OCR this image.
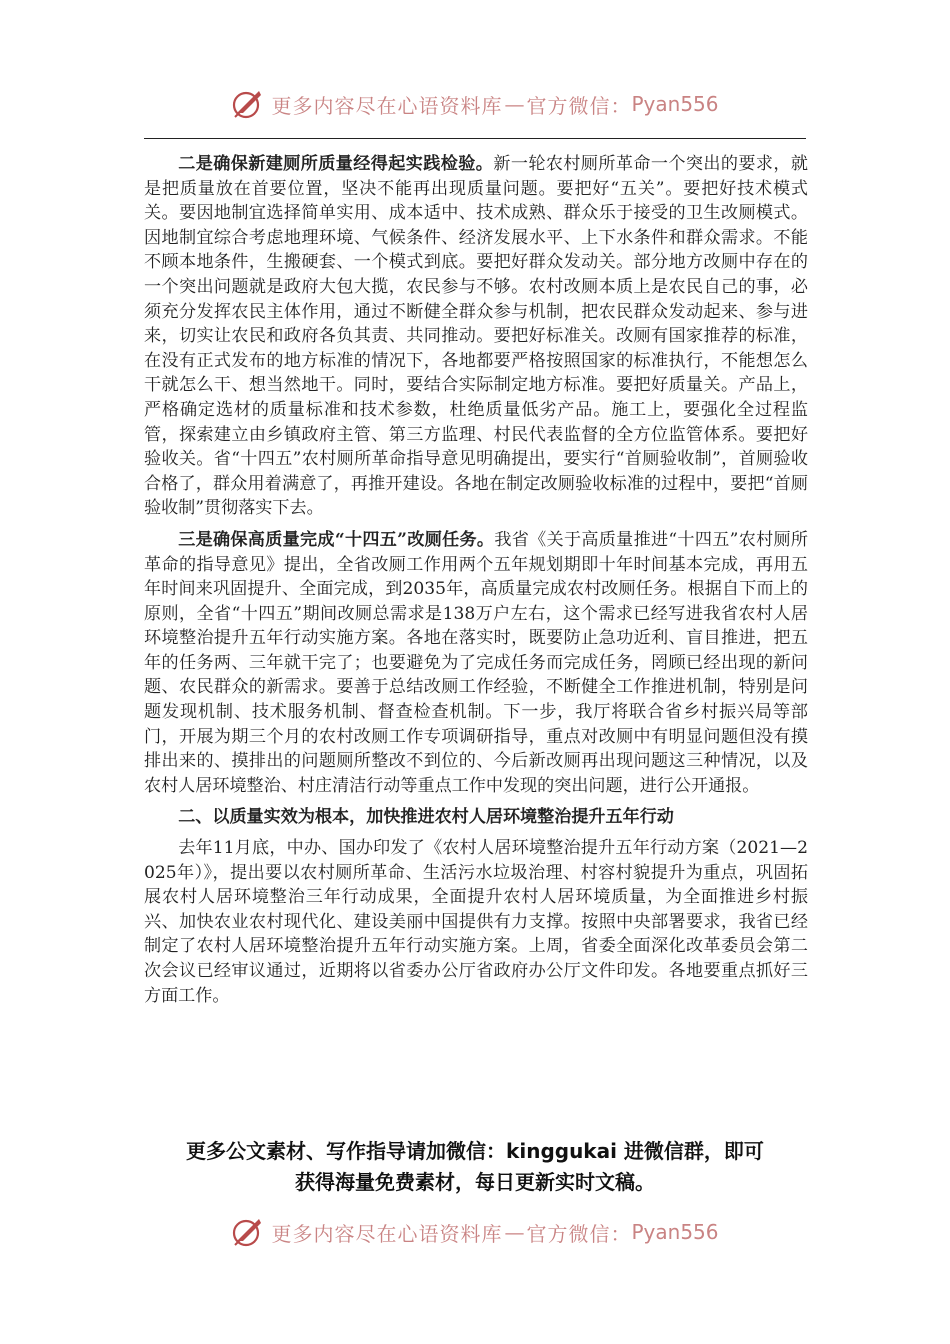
更多内容尽在心语资料库 — 官方微信： Pyan556

二是确保新建厕所质量经得起实践检验。新一轮农村厕所革命一个突出的要求，就是把质量放在首要位置，坚决不能再出现质量问题。要把好“五关”。要把好技术模式关。要因地制宜选择简单实用、成本适中、技术成熟、群众乐于接受的卫生改厕模式。因地制宜综合考虑地理环境、气候条件、经济发展水平、上下水条件和群众需求。不能不顾本地条件，生搬硬套、一个模式到底。要把好群众发动关。部分地方改厕中存在的一个突出问题就是政府大包大揽，农民参与不够。农村改厕本质上是农民自己的事，必须充分发挥农民主体作用，通过不断健全群众参与机制，把农民群众发动起来、参与进来，切实让农民和政府各负其责、共同推动。要把好标准关。改厕有国家推荐的标准，在没有正式发布的地方标准的情况下，各地都要严格按照国家的标准执行，不能想怎么干就怎么干、想当然地干。同时，要结合实际制定地方标准。要把好质量关。产品上，严格确定选材的质量标准和技术参数，杜绝质量低劣产品。施工上，要强化全过程监管，探索建立由乡镇政府主管、第三方监理、村民代表监督的全方位监管体系。要把好验收关。省“十四五”农村厕所革命指导意见明确提出，要实行“首厕验收制”，首厕验收合格了，群众用着满意了，再推开建设。各地在制定改厕验收标准的过程中，要把“首厕验收制”贯彻落实下去。

三是确保高质量完成“十四五”改厕任务。我省《关于高质量推进“十四五”农村厕所革命的指导意见》提出，全省改厕工作用两个五年规划期即十年时间基本完成，再用五年时间来巩固提升、全面完成，到2035年，高质量完成农村改厕任务。根据自下而上的原则，全省“十四五”期间改厕总需求是138万户左右，这个需求已经写进我省农村人居环境整治提升五年行动实施方案。各地在落实时，既要防止急功近利、盲目推进，把五年的任务两、三年就干完了；也要避免为了完成任务而完成任务，罔顾已经出现的新问题、农民群众的新需求。要善于总结改厕工作经验，不断健全工作推进机制，特别是问题发现机制、技术服务机制、督查检查机制。下一步，我厅将联合省乡村振兴局等部门，开展为期三个月的农村改厕工作专项调研指导，重点对改厕中有明显问题但没有摸排出来的、摸排出的问题厕所整改不到位的、今后新改厕再出现问题这三种情况，以及农村人居环境整治、村庄清洁行动等重点工作中发现的突出问题，进行公开通报。

二、以质量实效为根本，加快推进农村人居环境整治提升五年行动

去年11月底，中办、国办印发了《农村人居环境整治提升五年行动方案（2021—2025年）》，提出要以农村厕所革命、生活污水垃圾治理、村容村貌提升为重点，巩固拓展农村人居环境整治三年行动成果，全面提升农村人居环境质量，为全面推进乡村振兴、加快农业农村现代化、建设美丽中国提供有力支撑。按照中央部署要求，我省已经制定了农村人居环境整治提升五年行动实施方案。上周，省委全面深化改革委员会第二次会议已经审议通过，近期将以省委办公厅省政府办公厅文件印发。各地要重点抓好三方面工作。

更多公文素材、写作指导请加微信：kinggukai 进微信群，即可
获得海量免费素材，每日更新实时文稿。
更多内容尽在心语资料库 — 官方微信： Pyan556
